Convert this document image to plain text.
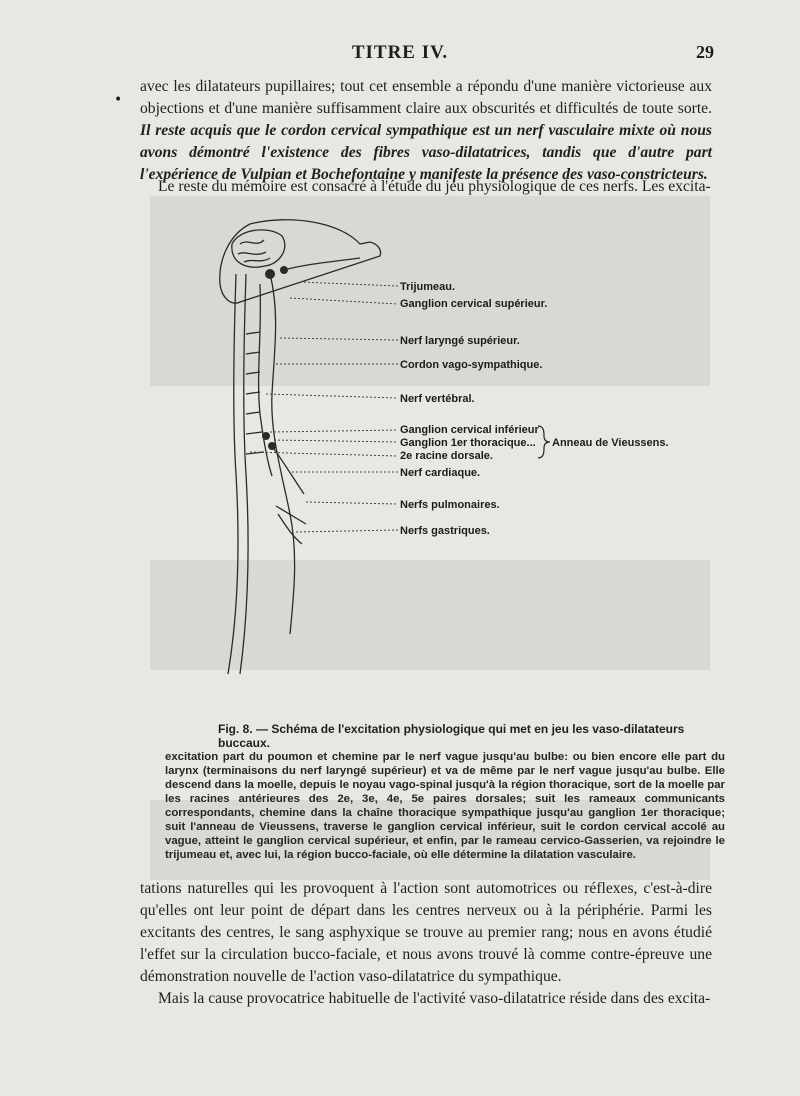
TITRE IV.	29
•
avec les dilatateurs pupillaires; tout cet ensemble a répondu d'une manière victorieuse aux objections et d'une manière suffisamment claire aux obscurités et difficultés de toute sorte. Il reste acquis que le cordon cervical sympathique est un nerf vasculaire mixte où nous avons démontré l'existence des fibres vaso-dilatatrices, tandis que d'autre part l'expérience de Vulpian et Bochefontaine y manifeste la présence des vaso-constricteurs.
Le reste du mémoire est consacré à l'étude du jeu physiologique de ces nerfs. Les excita-
Trijumeau.
Ganglion cervical supérieur.
Nerf laryngé supérieur.
Cordon vago-sympathique.
Nerf vertébral.
Ganglion cervical inférieur
Ganglion 1er thoracique...
2e racine dorsale.
Nerf cardiaque.
Nerfs pulmonaires.
Nerfs gastriques.
Anneau de Vieussens.
Fig. 8. — Schéma de l'excitation physiologique qui met en jeu les vaso-dilatateurs buccaux.
excitation part du poumon et chemine par le nerf vague jusqu'au bulbe: ou bien encore elle part du larynx (terminaisons du nerf laryngé supérieur) et va de même par le nerf vague jusqu'au bulbe. Elle descend dans la moelle, depuis le noyau vago-spinal jusqu'à la région thoracique, sort de la moelle par les racines antérieures des 2e, 3e, 4e, 5e paires dorsales; suit les rameaux communicants correspondants, chemine dans la chaîne thoracique sympathique jusqu'au ganglion 1er thoracique; suit l'anneau de Vieussens, traverse le ganglion cervical inférieur, suit le cordon cervical accolé au vague, atteint le ganglion cervical supérieur, et enfin, par le rameau cervico-Gasserien, va rejoindre le trijumeau et, avec lui, la région bucco-faciale, où elle détermine la dilatation vasculaire.
tations naturelles qui les provoquent à l'action sont automotrices ou réflexes, c'est-à-dire qu'elles ont leur point de départ dans les centres nerveux ou à la périphérie. Parmi les excitants des centres, le sang asphyxique se trouve au premier rang; nous en avons étudié l'effet sur la circulation bucco-faciale, et nous avons trouvé là comme contre-épreuve une démonstration nouvelle de l'action vaso-dilatatrice du sympathique.
Mais la cause provocatrice habituelle de l'activité vaso-dilatatrice réside dans des excita-
